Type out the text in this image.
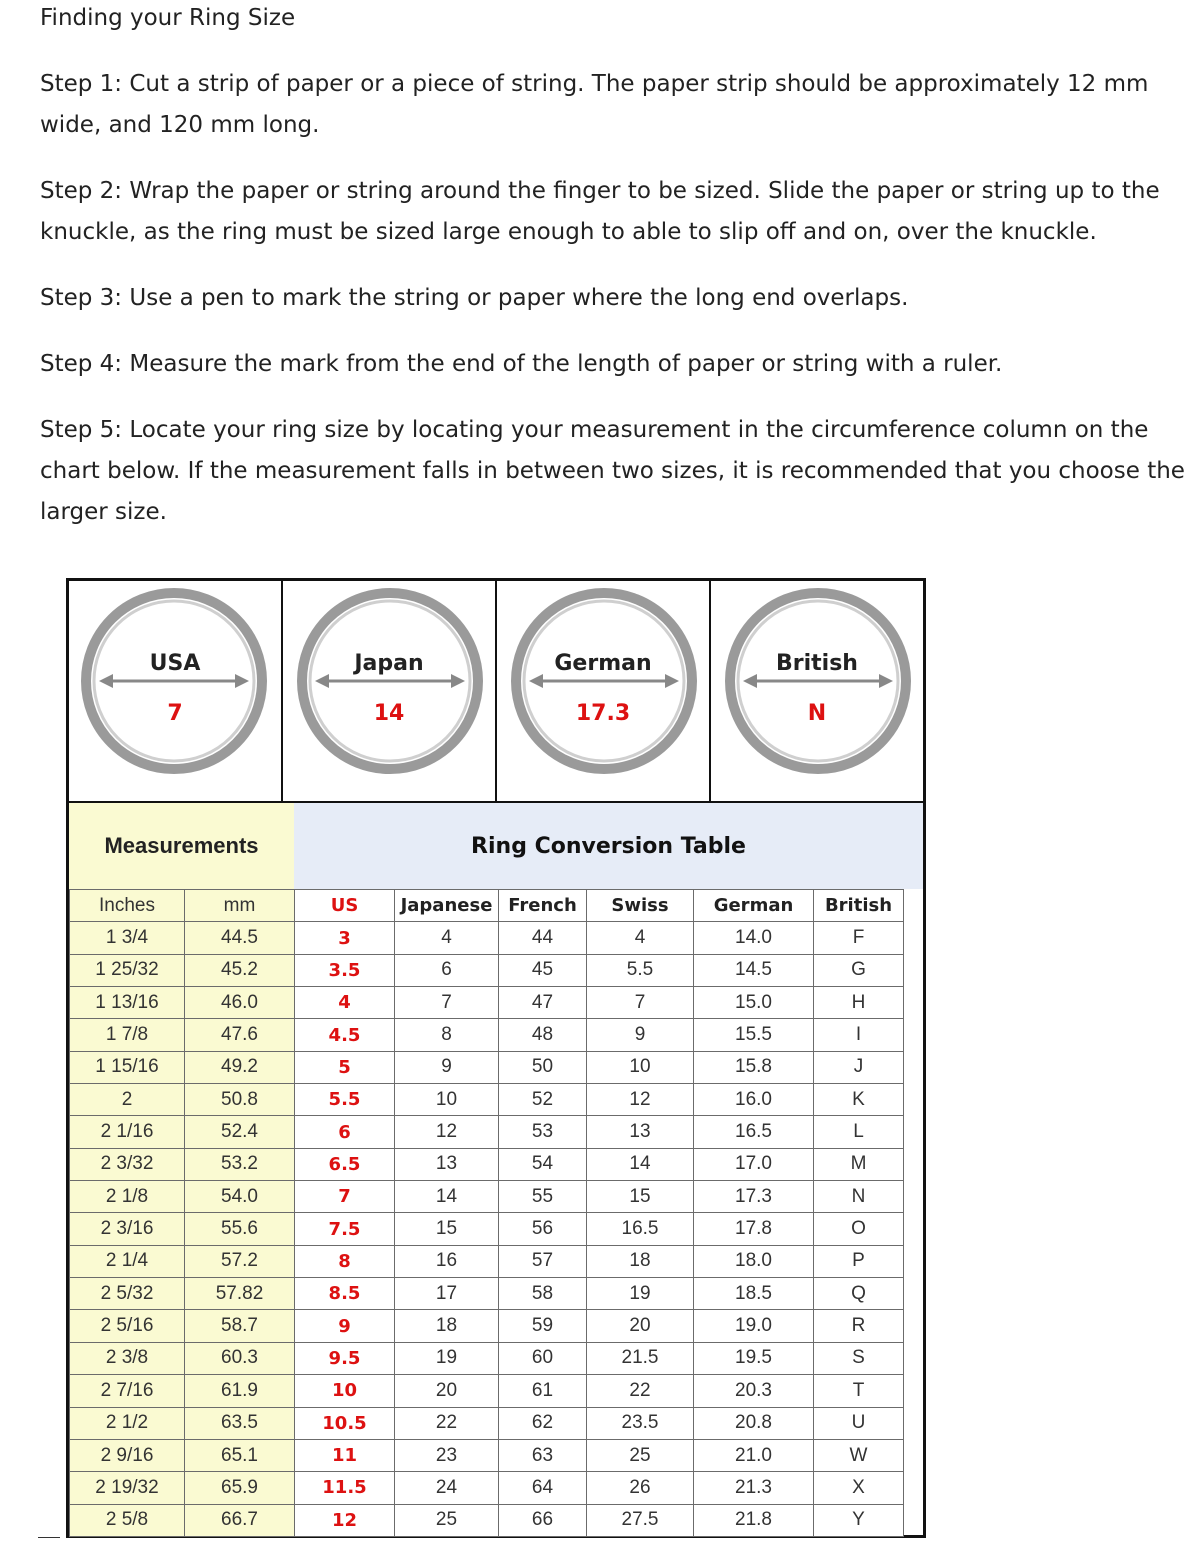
Finding your Ring Size

Step 1: Cut a strip of paper or a piece of string. The paper strip should be approximately 12 mm wide, and 120 mm long.

Step 2: Wrap the paper or string around the finger to be sized. Slide the paper or string up to the knuckle, as the ring must be sized large enough to able to slip off and on, over the knuckle.

Step 3: Use a pen to mark the string or paper where the long end overlaps.

Step 4: Measure the mark from the end of the length of paper or string with a ruler.

Step 5: Locate your ring size by locating your measurement in the circumference column on the chart below. If the measurement falls in between two sizes, it is recommended that you choose the larger size.

USA
7
Japan
14
German
17.3
British
N
Measurements	Ring Conversion Table
Inches	mm	US	Japanese	French	Swiss	German	British
1 3/4	44.5	3	4	44	4	14.0	F
1 25/32	45.2	3.5	6	45	5.5	14.5	G
1 13/16	46.0	4	7	47	7	15.0	H
1 7/8	47.6	4.5	8	48	9	15.5	I
1 15/16	49.2	5	9	50	10	15.8	J
2	50.8	5.5	10	52	12	16.0	K
2 1/16	52.4	6	12	53	13	16.5	L
2 3/32	53.2	6.5	13	54	14	17.0	M
2 1/8	54.0	7	14	55	15	17.3	N
2 3/16	55.6	7.5	15	56	16.5	17.8	O
2 1/4	57.2	8	16	57	18	18.0	P
2 5/32	57.82	8.5	17	58	19	18.5	Q
2 5/16	58.7	9	18	59	20	19.0	R
2 3/8	60.3	9.5	19	60	21.5	19.5	S
2 7/16	61.9	10	20	61	22	20.3	T
2 1/2	63.5	10.5	22	62	23.5	20.8	U
2 9/16	65.1	11	23	63	25	21.0	W
2 19/32	65.9	11.5	24	64	26	21.3	X
2 5/8	66.7	12	25	66	27.5	21.8	Y
